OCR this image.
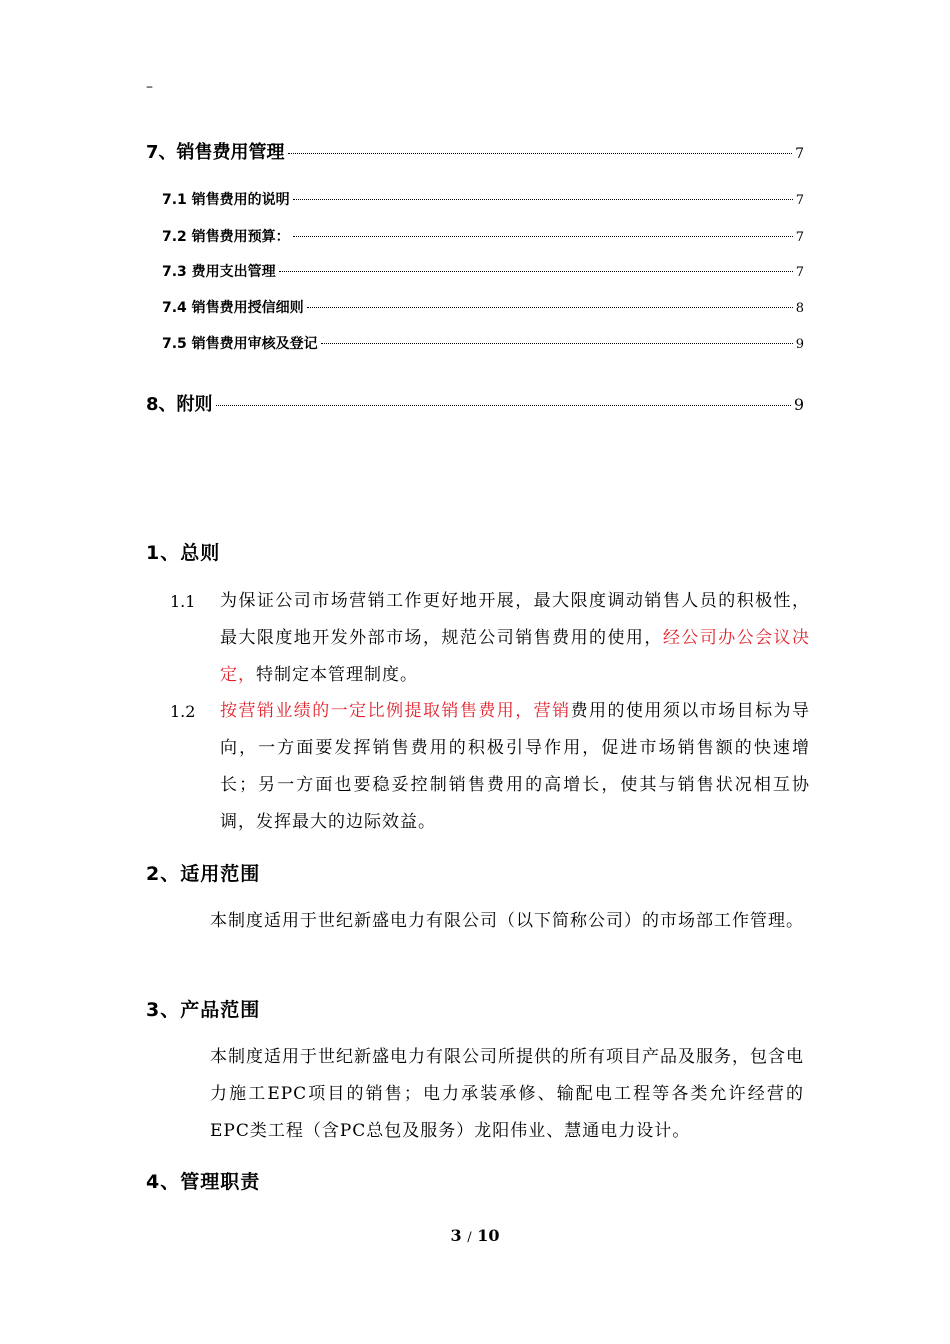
–
7、销售费用管理	7
7.1 销售费用的说明	7
7.2 销售费用预算：	7
7.3 费用支出管理	7
7.4 销售费用授信细则	8
7.5 销售费用审核及登记	9
8、附则	9
1、总则
1.1 为保证公司市场营销工作更好地开展，最大限度调动销售人员的积极性，最大限度地开发外部市场，规范公司销售费用的使用，经公司办公会议决定，特制定本管理制度。
1.2 按营销业绩的一定比例提取销售费用，营销费用的使用须以市场目标为导向，一方面要发挥销售费用的积极引导作用，促进市场销售额的快速增长；另一方面也要稳妥控制销售费用的高增长，使其与销售状况相互协调，发挥最大的边际效益。
2、适用范围
本制度适用于世纪新盛电力有限公司（以下简称公司）的市场部工作管理。
3、产品范围
本制度适用于世纪新盛电力有限公司所提供的所有项目产品及服务，包含电力施工EPC项目的销售；电力承装承修、输配电工程等各类允许经营的EPC类工程（含PC总包及服务）龙阳伟业、慧通电力设计。
4、管理职责
3 / 10
